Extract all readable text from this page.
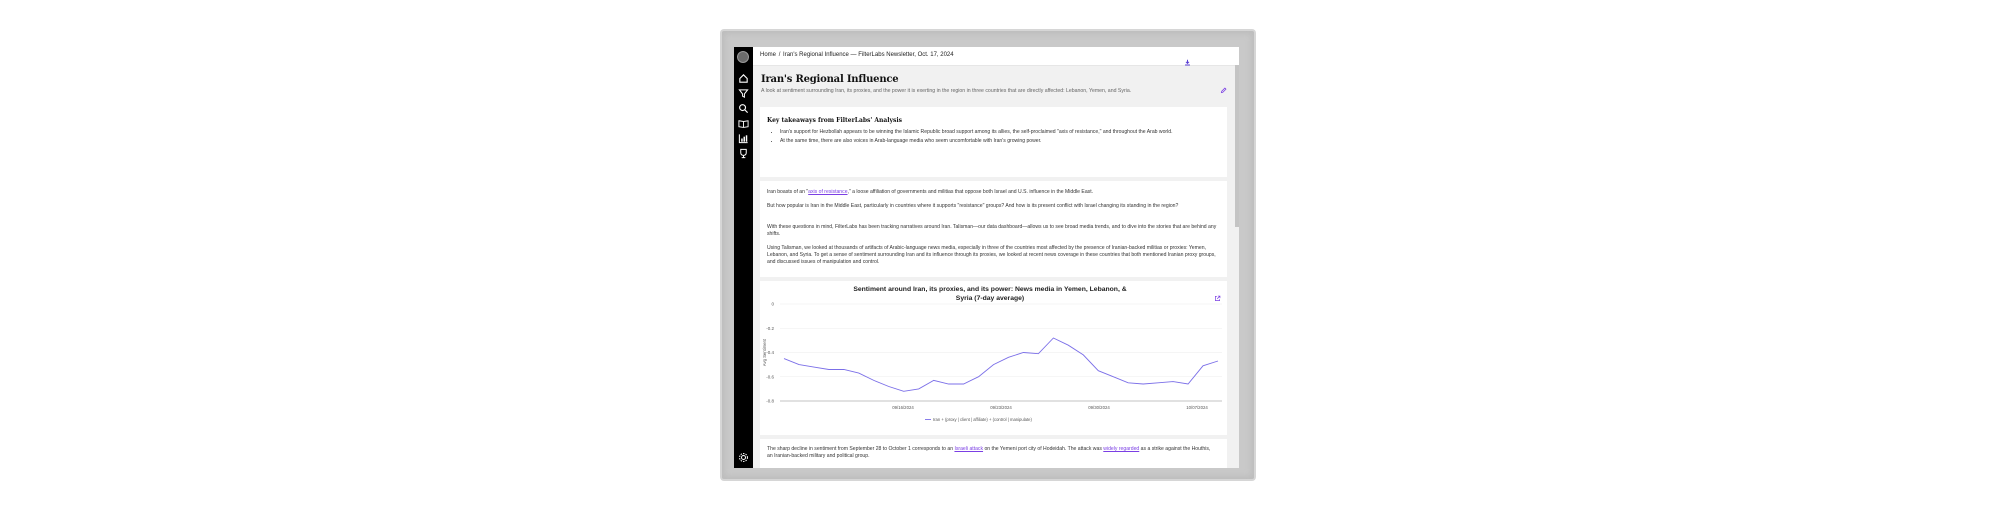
Home / Iran's Regional Influence — FilterLabs Newsletter, Oct. 17, 2024
Iran's Regional Influence
A look at sentiment surrounding Iran, its proxies, and the power it is exerting in the region in three countries that are directly affected: Lebanon, Yemen, and Syria.
Key takeaways from FilterLabs' Analysis
• Iran's support for Hezbollah appears to be winning the Islamic Republic broad support among its allies, the self-proclaimed "axis of resistance," and throughout the Arab world.
• At the same time, there are also voices in Arab-language media who seem uncomfortable with Iran's growing power.

Iran boasts of an "axis of resistance," a loose affiliation of governments and militias that oppose both Israel and U.S. influence in the Middle East.

But how popular is Iran in the Middle East, particularly in countries where it supports "resistance" groups? And how is its present conflict with Israel changing its standing in the region?

With these questions in mind, FilterLabs has been tracking narratives around Iran. Talisman—our data dashboard—allows us to see broad media trends, and to dive into the stories that are behind any shifts.

Using Talisman, we looked at thousands of artifacts of Arabic-language news media, especially in three of the countries most affected by the presence of Iranian-backed militias or proxies: Yemen, Lebanon, and Syria. To get a sense of sentiment surrounding Iran and its influence through its proxies, we looked at recent news coverage in these countries that both mentioned Iranian proxy groups, and discussed issues of manipulation and control.

0
-0.2
-0.4
-0.6
-0.8
Avg Sentiment
09/16/2024	09/23/2024	09/30/2024	10/07/2024
Iran + (proxy | client | affiliate) + (control | manipulate)
Sentiment around Iran, its proxies, and its power: News media in Yemen, Lebanon, & Syria (7-day average)

The sharp decline in sentiment from September 28 to October 1 corresponds to an Israeli attack on the Yemeni port city of Hodeidah. The attack was widely regarded as a strike against the Houthis, an Iranian-backed military and political group.
